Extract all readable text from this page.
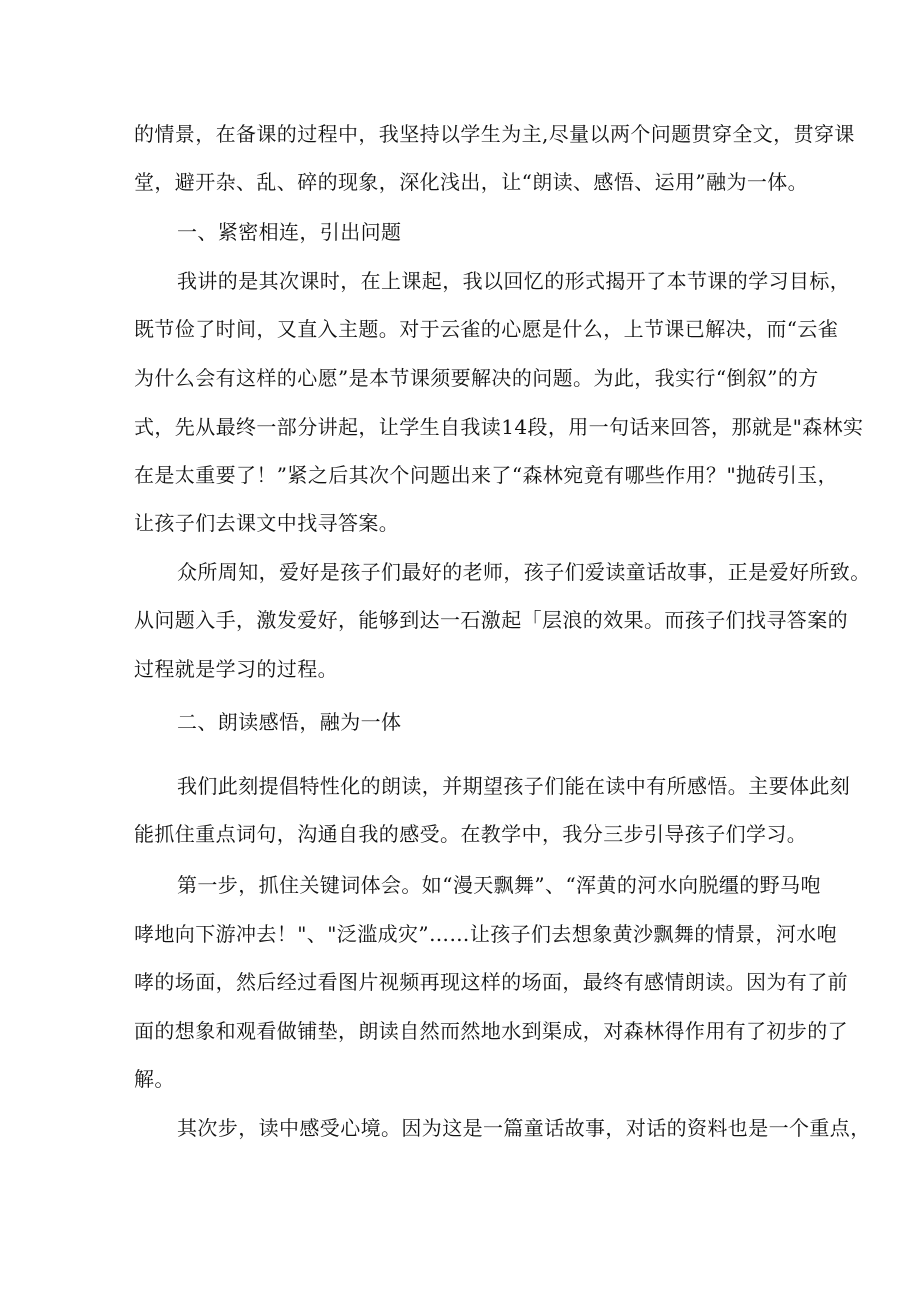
的情景，在备课的过程中，我坚持以学生为主,尽量以两个问题贯穿全文，贯穿课
堂，避开杂、乱、碎的现象，深化浅出，让“朗读、感悟、运用”融为一体。
一、紧密相连，引出问题
我讲的是其次课时，在上课起，我以回忆的形式揭开了本节课的学习目标，
既节俭了时间，又直入主题。对于云雀的心愿是什么，上节课已解决，而“云雀
为什么会有这样的心愿”是本节课须要解决的问题。为此，我实行“倒叙”的方
式，先从最终一部分讲起，让学生自我读14段，用一句话来回答，那就是"森林实
在是太重要了！”紧之后其次个问题出来了“森林宛竟有哪些作用？"抛砖引玉，
让孩子们去课文中找寻答案。
众所周知，爱好是孩子们最好的老师，孩子们爱读童话故事，正是爱好所致。
从问题入手，激发爱好，能够到达一石激起「层浪的效果。而孩子们找寻答案的
过程就是学习的过程。
二、朗读感悟，融为一体
我们此刻提倡特性化的朗读，并期望孩子们能在读中有所感悟。主要体此刻
能抓住重点词句，沟通自我的感受。在教学中，我分三步引导孩子们学习。
第一步，抓住关键词体会。如“漫天飘舞”、“浑黄的河水向脱缰的野马咆
哮地向下游冲去！"、"泛滥成灾”……让孩子们去想象黄沙飘舞的情景，河水咆
哮的场面，然后经过看图片视频再现这样的场面，最终有感情朗读。因为有了前
面的想象和观看做铺垫，朗读自然而然地水到渠成，对森林得作用有了初步的了
解。
其次步，读中感受心境。因为这是一篇童话故事，对话的资料也是一个重点，
